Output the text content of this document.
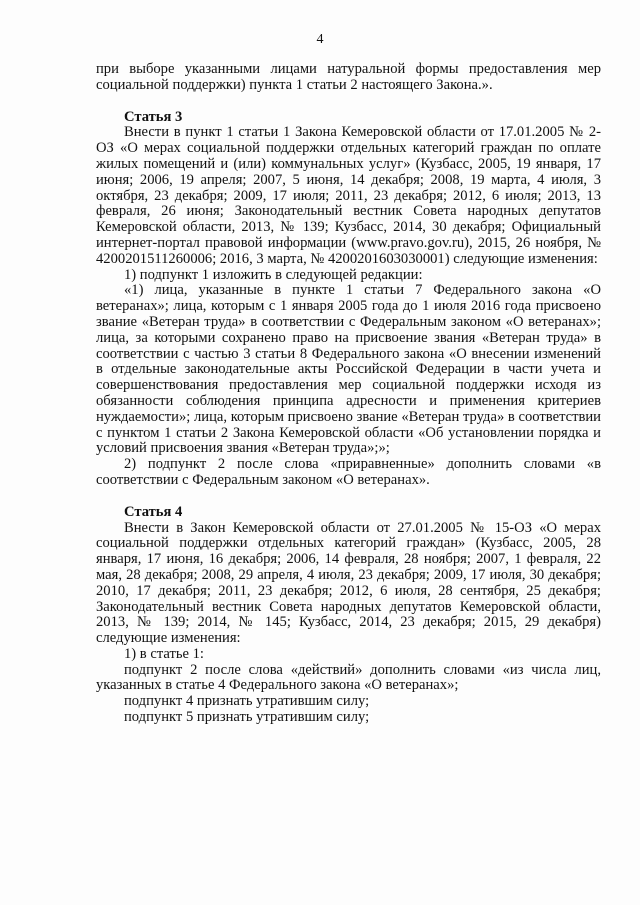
4

при выборе указанными лицами натуральной формы предоставления мер социальной поддержки) пункта 1 статьи 2 настоящего Закона.».

Статья 3

Внести в пункт 1 статьи 1 Закона Кемеровской области от 17.01.2005 № 2-ОЗ «О мерах социальной поддержки отдельных категорий граждан по оплате жилых помещений и (или) коммунальных услуг» (Кузбасс, 2005, 19 января, 17 июня; 2006, 19 апреля; 2007, 5 июня, 14 декабря; 2008, 19 марта, 4 июля, 3 октября, 23 декабря; 2009, 17 июля; 2011, 23 декабря; 2012, 6 июля; 2013, 13 февраля, 26 июня; Законодательный вестник Совета народных депутатов Кемеровской области, 2013, № 139; Кузбасс, 2014, 30 декабря; Официальный интернет-портал правовой информации (www.pravo.gov.ru), 2015, 26 ноября, № 4200201511260006; 2016, 3 марта, № 4200201603030001) следующие изменения:

1) подпункт 1 изложить в следующей редакции:

«1) лица, указанные в пункте 1 статьи 7 Федерального закона «О ветеранах»; лица, которым с 1 января 2005 года до 1 июля 2016 года присвоено звание «Ветеран труда» в соответствии с Федеральным законом «О ветеранах»; лица, за которыми сохранено право на присвоение звания «Ветеран труда» в соответствии с частью 3 статьи 8 Федерального закона «О внесении изменений в отдельные законодательные акты Российской Федерации в части учета и совершенствования предоставления мер социальной поддержки исходя из обязанности соблюдения принципа адресности и применения критериев нуждаемости»; лица, которым присвоено звание «Ветеран труда» в соответствии с пунктом 1 статьи 2 Закона Кемеровской области «Об установлении порядка и условий присвоения звания «Ветеран труда»;»;

2) подпункт 2 после слова «приравненные» дополнить словами «в соответствии с Федеральным законом «О ветеранах».

Статья 4

Внести в Закон Кемеровской области от 27.01.2005 № 15-ОЗ «О мерах социальной поддержки отдельных категорий граждан» (Кузбасс, 2005, 28 января, 17 июня, 16 декабря; 2006, 14 февраля, 28 ноября; 2007, 1 февраля, 22 мая, 28 декабря; 2008, 29 апреля, 4 июля, 23 декабря; 2009, 17 июля, 30 декабря; 2010, 17 декабря; 2011, 23 декабря; 2012, 6 июля, 28 сентября, 25 декабря; Законодательный вестник Совета народных депутатов Кемеровской области, 2013, № 139; 2014, № 145; Кузбасс, 2014, 23 декабря; 2015, 29 декабря) следующие изменения:

1) в статье 1:

подпункт 2 после слова «действий» дополнить словами «из числа лиц, указанных в статье 4 Федерального закона «О ветеранах»;

подпункт 4 признать утратившим силу;

подпункт 5 признать утратившим силу;
